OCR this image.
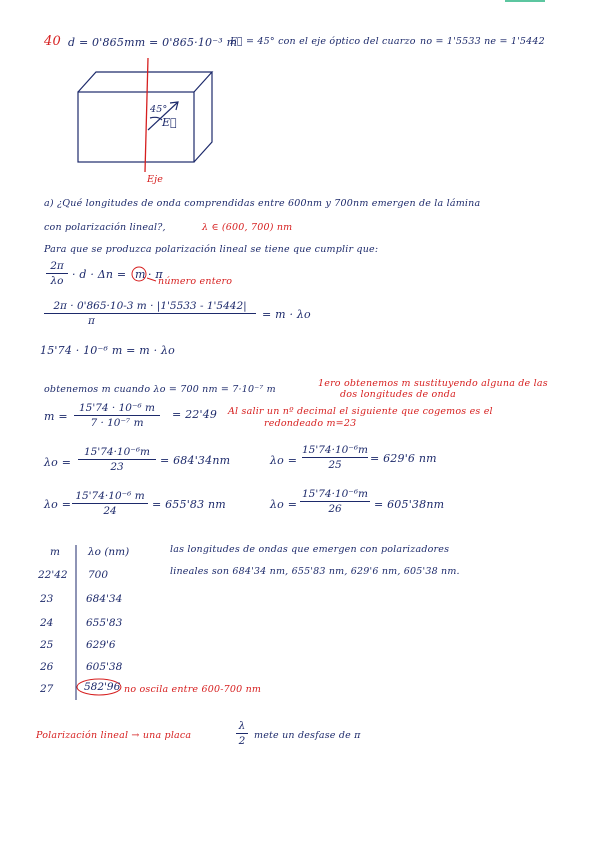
40 d = 0'865mm = 0'865·10⁻³ m
E⃗ = 45° con el eje óptico del cuarzo no = 1'5533 ne = 1'5442
45°
E⃗
Eje
a) ¿Qué longitudes de onda comprendidas entre 600nm y 700nm emergen de la lámina
con polarización lineal?,	λ ∈ (600, 700) nm
Para que se produzca polarización lineal se tiene que cumplir que:
2π
λo · d · Δn = m · π
número entero
2π · 0'865·10-3 m · |1'5533 - 1'5442|
π	= m · λo
15'74 · 10⁻⁶ m = m · λo
obtenemos m cuando λo = 700 nm = 7·10⁻⁷ m
1ero obtenemos m sustituyendo alguna de las
dos longitudes de onda
m =
15'74 · 10⁻⁶ m
7 · 10⁻⁷ m
= 22'49 Al salir un nº decimal el siguiente que cogemos es el
redondeado m=23
λo =
15'74·10⁻⁶m
23	= 684'34nm	λo =
15'74·10⁻⁶m
25	= 629'6 nm
λo =
15'74·10⁻⁶ m
24	= 655'83 nm	λo =
15'74·10⁻⁶m
26	= 605'38nm
m	λo (nm)
22'42 700
23	684'34
24	655'83
25	629'6
26	605'38
27	582'96 no oscila entre 600-700 nm
las longitudes de ondas que emergen con polarizadores
lineales son 684'34 nm, 655'83 nm, 629'6 nm, 605'38 nm.
Polarización lineal → una placa
λ
2 mete un desfase de π
